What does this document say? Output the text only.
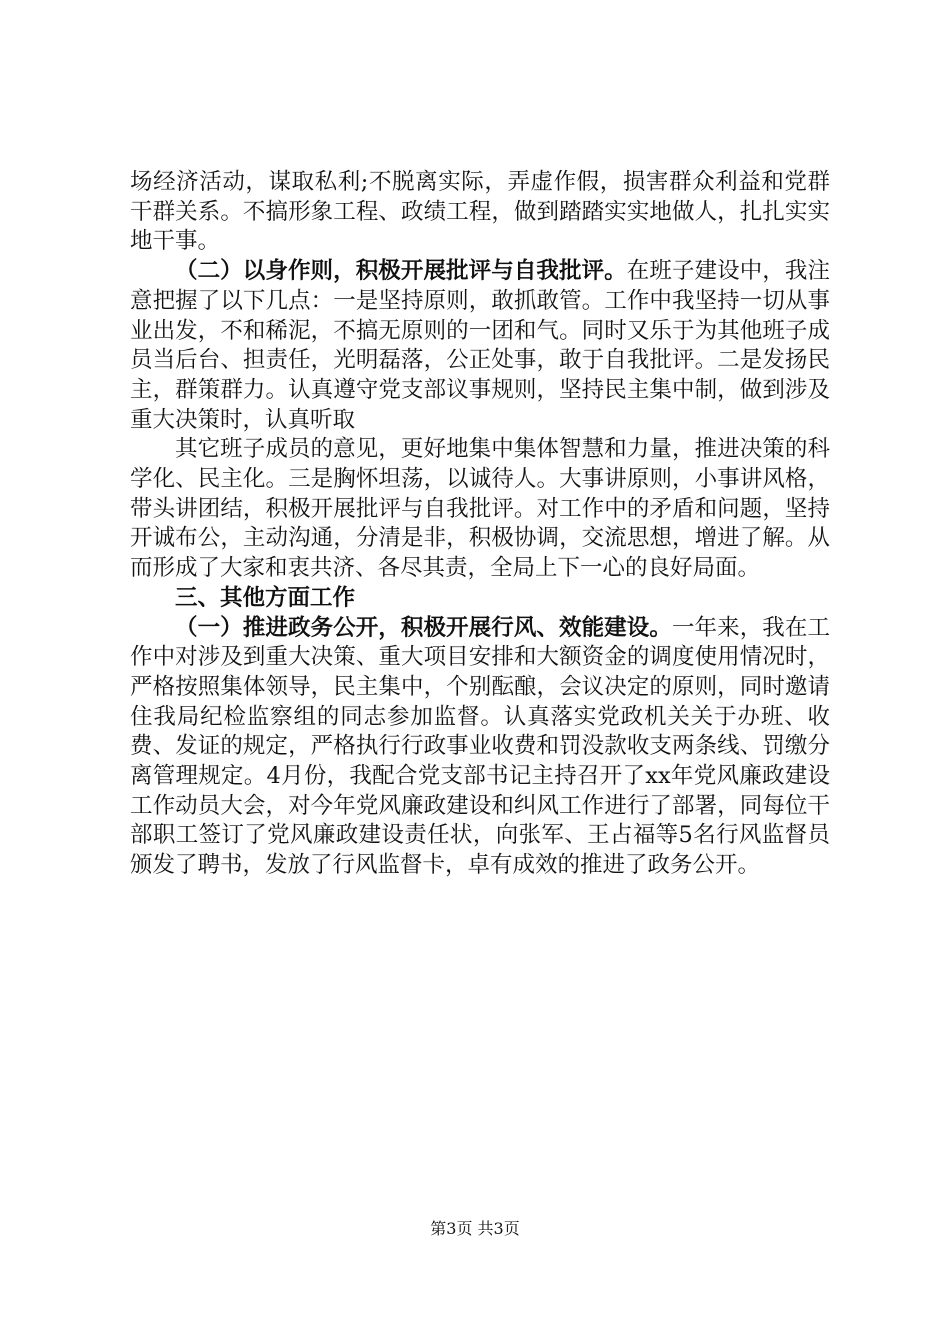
场经济活动，谋取私利;不脱离实际，弄虚作假，损害群众利益和党群干群关系。不搞形象工程、政绩工程，做到踏踏实实地做人，扎扎实实地干事。

（二）以身作则，积极开展批评与自我批评。在班子建设中，我注意把握了以下几点：一是坚持原则，敢抓敢管。工作中我坚持一切从事业出发，不和稀泥，不搞无原则的一团和气。同时又乐于为其他班子成员当后台、担责任，光明磊落，公正处事，敢于自我批评。二是发扬民主，群策群力。认真遵守党支部议事规则，坚持民主集中制，做到涉及重大决策时，认真听取

其它班子成员的意见，更好地集中集体智慧和力量，推进决策的科学化、民主化。三是胸怀坦荡，以诚待人。大事讲原则，小事讲风格，带头讲团结，积极开展批评与自我批评。对工作中的矛盾和问题，坚持开诚布公，主动沟通，分清是非，积极协调，交流思想，增进了解。从而形成了大家和衷共济、各尽其责，全局上下一心的良好局面。

三、其他方面工作

（一）推进政务公开，积极开展行风、效能建设。一年来，我在工作中对涉及到重大决策、重大项目安排和大额资金的调度使用情况时，严格按照集体领导，民主集中，个别酝酿，会议决定的原则，同时邀请住我局纪检监察组的同志参加监督。认真落实党政机关关于办班、收费、发证的规定，严格执行行政事业收费和罚没款收支两条线、罚缴分离管理规定。4月份，我配合党支部书记主持召开了xx年党风廉政建设工作动员大会，对今年党风廉政建设和纠风工作进行了部署，同每位干部职工签订了党风廉政建设责任状，向张军、王占福等5名行风监督员颁发了聘书，发放了行风监督卡，卓有成效的推进了政务公开。

第3页 共3页
